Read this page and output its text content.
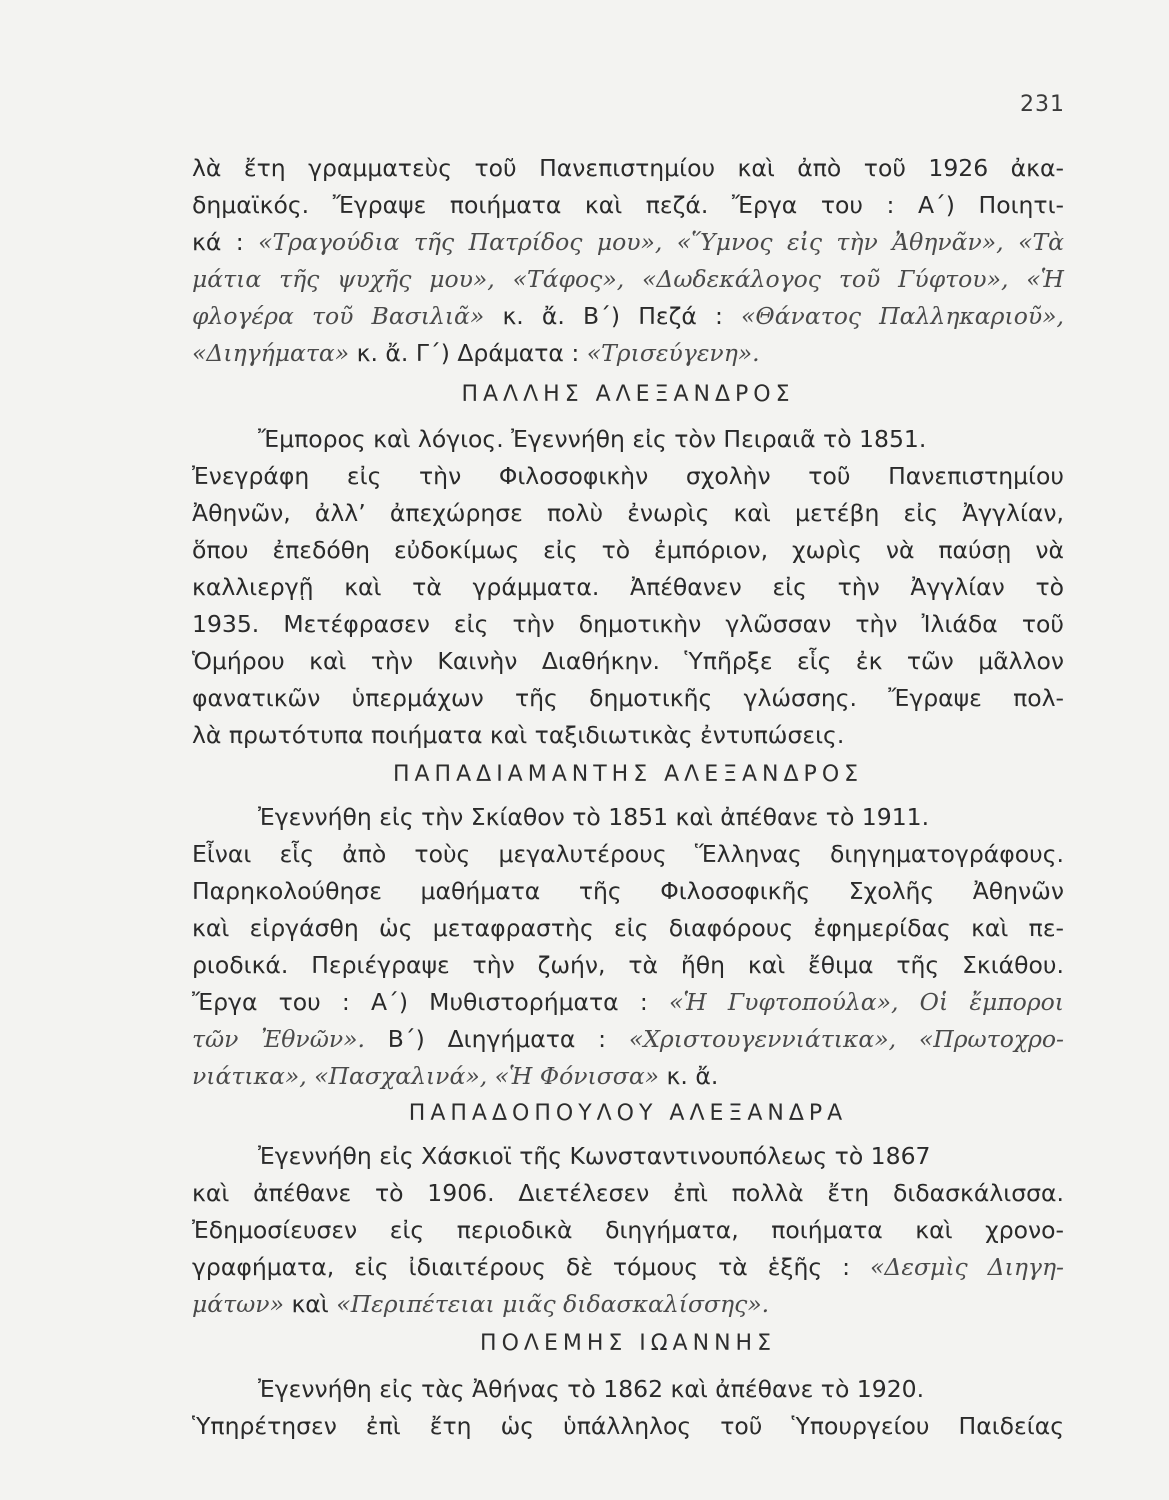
231
λὰ ἔτη γραμματεὺς τοῦ Πανεπιστημίου καὶ ἀπὸ τοῦ 1926 ἀκα-
δημαϊκός. Ἔγραψε ποιήματα καὶ πεζά. Ἔργα του : Α΄) Ποιητι-
κά : «Τραγούδια τῆς Πατρίδος μου», «Ὕμνος εἰς τὴν Ἀθηνᾶν», «Τὰ
μάτια τῆς ψυχῆς μου», «Τάφος», «Δωδεκάλογος τοῦ Γύφτου», «Ἡ
φλογέρα τοῦ Βασιλιᾶ» κ. ἄ. Β΄) Πεζά : «Θάνατος Παλληκαριοῦ»,
«Διηγήματα» κ. ἄ. Γ΄) Δράματα : «Τρισεύγενη».
ΠΑΛΛΗΣ ΑΛΕΞΑΝΔΡΟΣ
Ἔμπορος καὶ λόγιος. Ἐγεννήθη εἰς τὸν Πειραιᾶ τὸ 1851.
Ἐνεγράφη εἰς τὴν Φιλοσοφικὴν σχολὴν τοῦ Πανεπιστημίου
Ἀθηνῶν, ἀλλ’ ἀπεχώρησε πολὺ ἐνωρὶς καὶ μετέβη εἰς Ἀγγλίαν,
ὅπου ἐπεδόθη εὐδοκίμως εἰς τὸ ἐμπόριον, χωρὶς νὰ παύσῃ νὰ
καλλιεργῇ καὶ τὰ γράμματα. Ἀπέθανεν εἰς τὴν Ἀγγλίαν τὸ
1935. Μετέφρασεν εἰς τὴν δημοτικὴν γλῶσσαν τὴν Ἰλιάδα τοῦ
Ὁμήρου καὶ τὴν Καινὴν Διαθήκην. Ὑπῆρξε εἷς ἐκ τῶν μᾶλλον
φανατικῶν ὑπερμάχων τῆς δημοτικῆς γλώσσης. Ἔγραψε πολ-
λὰ πρωτότυπα ποιήματα καὶ ταξιδιωτικὰς ἐντυπώσεις.
ΠΑΠΑΔΙΑΜΑΝΤΗΣ ΑΛΕΞΑΝΔΡΟΣ
Ἐγεννήθη εἰς τὴν Σκίαθον τὸ 1851 καὶ ἀπέθανε τὸ 1911.
Εἶναι εἷς ἀπὸ τοὺς μεγαλυτέρους Ἕλληνας διηγηματογράφους.
Παρηκολούθησε μαθήματα τῆς Φιλοσοφικῆς Σχολῆς Ἀθηνῶν
καὶ εἰργάσθη ὡς μεταφραστὴς εἰς διαφόρους ἐφημερίδας καὶ πε-
ριοδικά. Περιέγραψε τὴν ζωήν, τὰ ἤθη καὶ ἔθιμα τῆς Σκιάθου.
Ἔργα του : Α΄) Μυθιστορήματα : «Ἡ Γυφτοπούλα», Οἱ ἔμποροι
τῶν Ἐθνῶν». Β΄) Διηγήματα : «Χριστουγεννιάτικα», «Πρωτοχρο-
νιάτικα», «Πασχαλινά», «Ἡ Φόνισσα» κ. ἄ.
ΠΑΠΑΔΟΠΟΥΛΟΥ ΑΛΕΞΑΝΔΡΑ
Ἐγεννήθη εἰς Χάσκιοϊ τῆς Κωνσταντινουπόλεως τὸ 1867
καὶ ἀπέθανε τὸ 1906. Διετέλεσεν ἐπὶ πολλὰ ἔτη διδασκάλισσα.
Ἐδημοσίευσεν εἰς περιοδικὰ διηγήματα, ποιήματα καὶ χρονο-
γραφήματα, εἰς ἰδιαιτέρους δὲ τόμους τὰ ἑξῆς : «Δεσμὶς Διηγη-
μάτων» καὶ «Περιπέτειαι μιᾶς διδασκαλίσσης».
ΠΟΛΕΜΗΣ ΙΩΑΝΝΗΣ
Ἐγεννήθη εἰς τὰς Ἀθήνας τὸ 1862 καὶ ἀπέθανε τὸ 1920.
Ὑπηρέτησεν ἐπὶ ἔτη ὡς ὑπάλληλος τοῦ Ὑπουργείου Παιδείας
